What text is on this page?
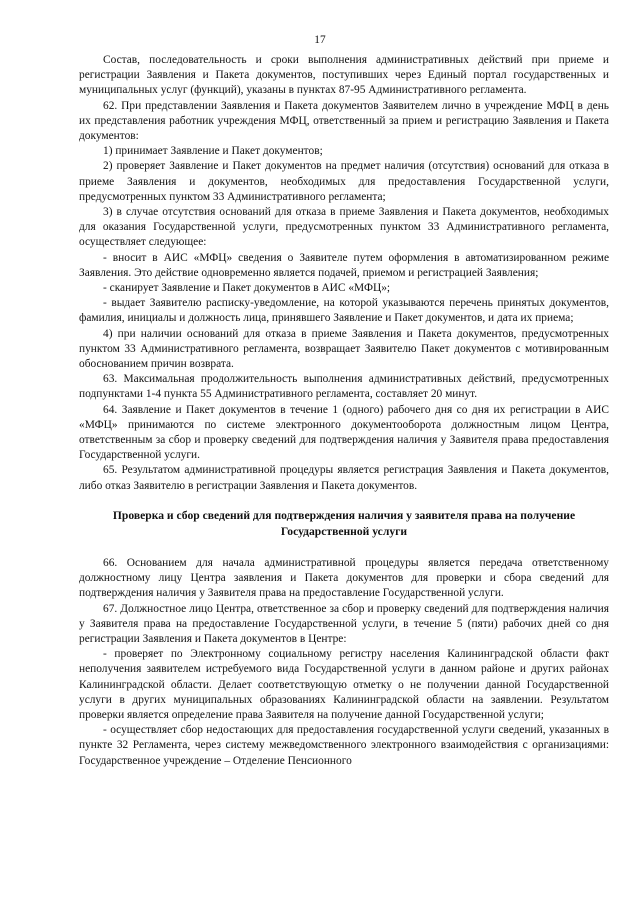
17

Состав, последовательность и сроки выполнения административных действий при приеме и регистрации Заявления и Пакета документов, поступивших через Единый портал государственных и муниципальных услуг (функций), указаны в пунктах 87-95 Административного регламента.

62. При представлении Заявления и Пакета документов Заявителем лично в учреждение МФЦ в день их представления работник учреждения МФЦ, ответственный за прием и регистрацию Заявления и Пакета документов:

1) принимает Заявление и Пакет документов;

2) проверяет Заявление и Пакет документов на предмет наличия (отсутствия) оснований для отказа в приеме Заявления и документов, необходимых для предоставления Государственной услуги, предусмотренных пунктом 33 Административного регламента;

3) в случае отсутствия оснований для отказа в приеме Заявления и Пакета документов, необходимых для оказания Государственной услуги, предусмотренных пунктом 33 Административного регламента, осуществляет следующее:

- вносит в АИС «МФЦ» сведения о Заявителе путем оформления в автоматизированном режиме Заявления. Это действие одновременно является подачей, приемом и регистрацией Заявления;

- сканирует Заявление и Пакет документов в АИС «МФЦ»;

- выдает Заявителю расписку-уведомление, на которой указываются перечень принятых документов, фамилия, инициалы и должность лица, принявшего Заявление и Пакет документов, и дата их приема;

4) при наличии оснований для отказа в приеме Заявления и Пакета документов, предусмотренных пунктом 33 Административного регламента, возвращает Заявителю Пакет документов с мотивированным обоснованием причин возврата.

63. Максимальная продолжительность выполнения административных действий, предусмотренных подпунктами 1-4 пункта 55 Административного регламента, составляет 20 минут.

64. Заявление и Пакет документов в течение 1 (одного) рабочего дня со дня их регистрации в АИС «МФЦ» принимаются по системе электронного документооборота должностным лицом Центра, ответственным за сбор и проверку сведений для подтверждения наличия у Заявителя права предоставления Государственной услуги.

65. Результатом административной процедуры является регистрация Заявления и Пакета документов, либо отказ Заявителю в регистрации Заявления и Пакета документов.

Проверка и сбор сведений для подтверждения наличия у заявителя права на получение Государственной услуги

66. Основанием для начала административной процедуры является передача ответственному должностному лицу Центра заявления и Пакета документов для проверки и сбора сведений для подтверждения наличия у Заявителя права на предоставление Государственной услуги.

67. Должностное лицо Центра, ответственное за сбор и проверку сведений для подтверждения наличия у Заявителя права на предоставление Государственной услуги, в течение 5 (пяти) рабочих дней со дня регистрации Заявления и Пакета документов в Центре:

- проверяет по Электронному социальному регистру населения Калининградской области факт неполучения заявителем истребуемого вида Государственной услуги в данном районе и других районах Калининградской области. Делает соответствующую отметку о не получении данной Государственной услуги в других муниципальных образованиях Калининградской области на заявлении. Результатом проверки является определение права Заявителя на получение данной Государственной услуги;

- осуществляет сбор недостающих для предоставления государственной услуги сведений, указанных в пункте 32 Регламента, через систему межведомственного электронного взаимодействия с организациями: Государственное учреждение – Отделение Пенсионного
